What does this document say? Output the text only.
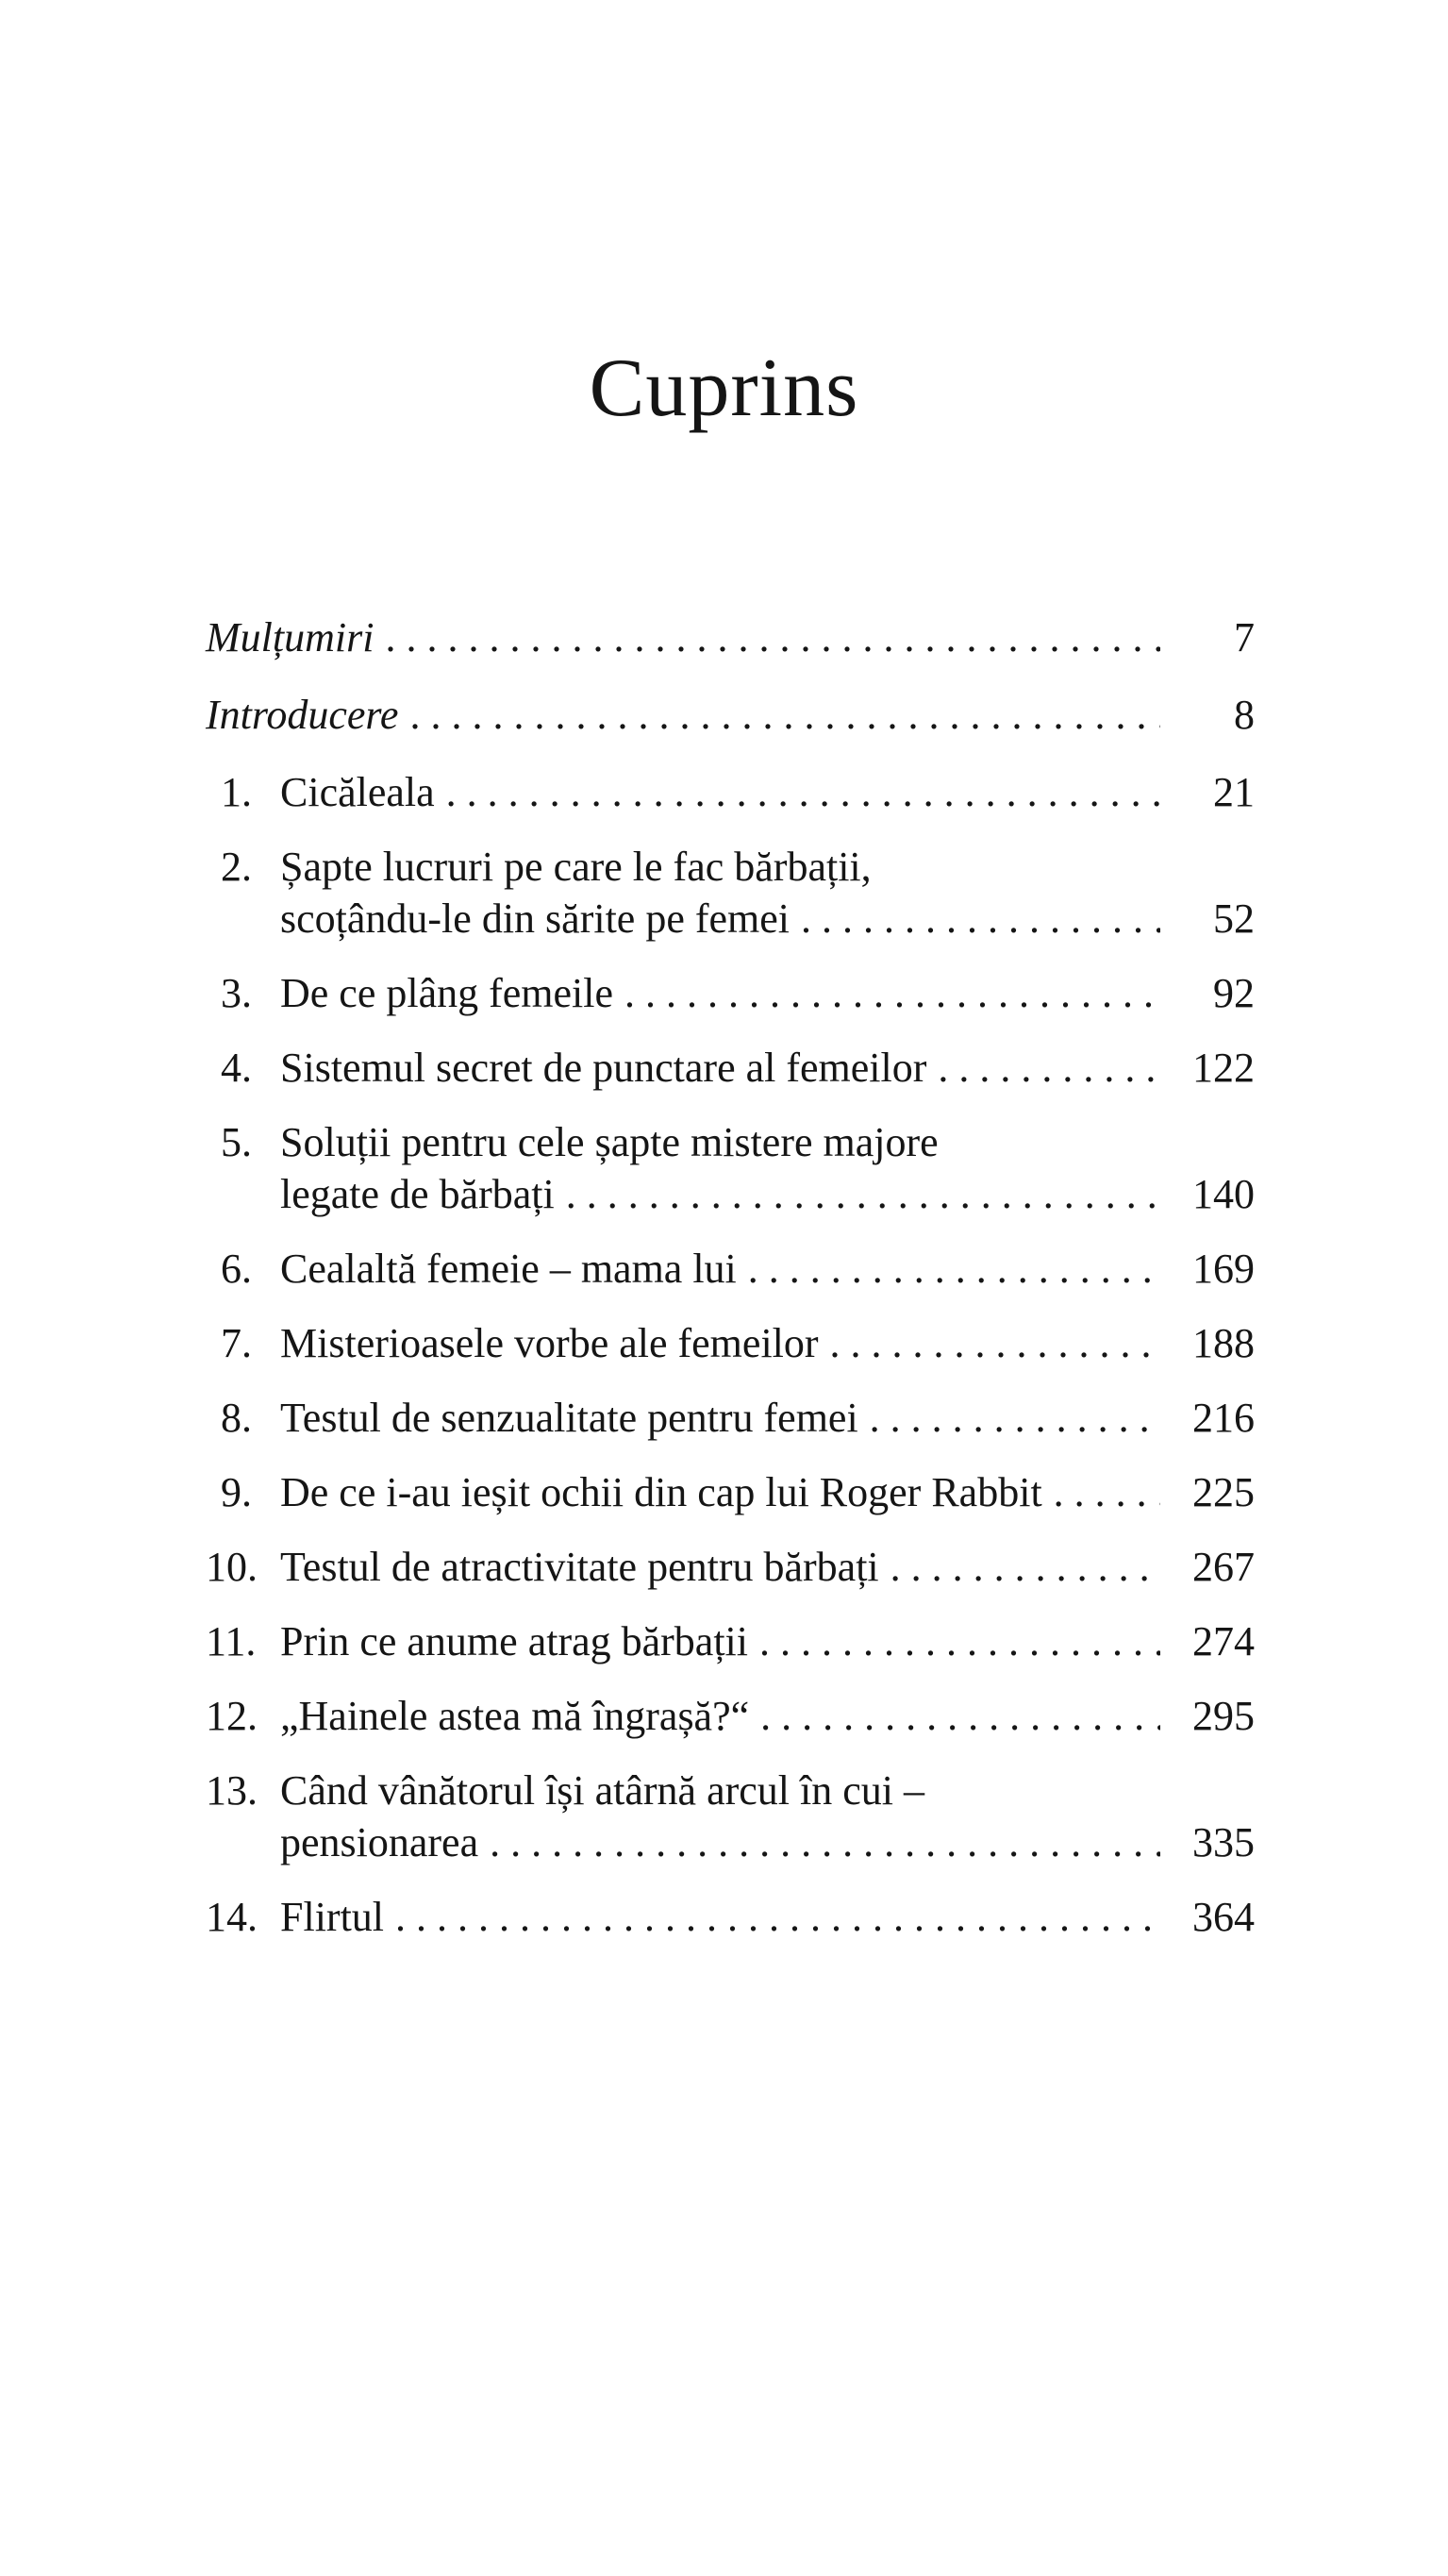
Cuprins
Mulțumiri . . .	7
Introducere . . .	8
1. Cicăleala . . .	21
2. Șapte lucruri pe care le fac bărbații,
scoțându-le din sărite pe femei . . .	52
3. De ce plâng femeile . . .	92
4. Sistemul secret de punctare al femeilor . . .	122
5. Soluții pentru cele șapte mistere majore
legate de bărbați . . .	140
6. Cealaltă femeie – mama lui . . .	169
7. Misterioasele vorbe ale femeilor . . .	188
8. Testul de senzualitate pentru femei . . .	216
9. De ce i-au ieșit ochii din cap lui Roger Rabbit . . .	225
10. Testul de atractivitate pentru bărbați . . .	267
11. Prin ce anume atrag bărbații . . .	274
12. „Hainele astea mă îngrașă?“ . . .	295
13. Când vânătorul își atârnă arcul în cui –
pensionarea . . .	335
14. Flirtul . . .	364
